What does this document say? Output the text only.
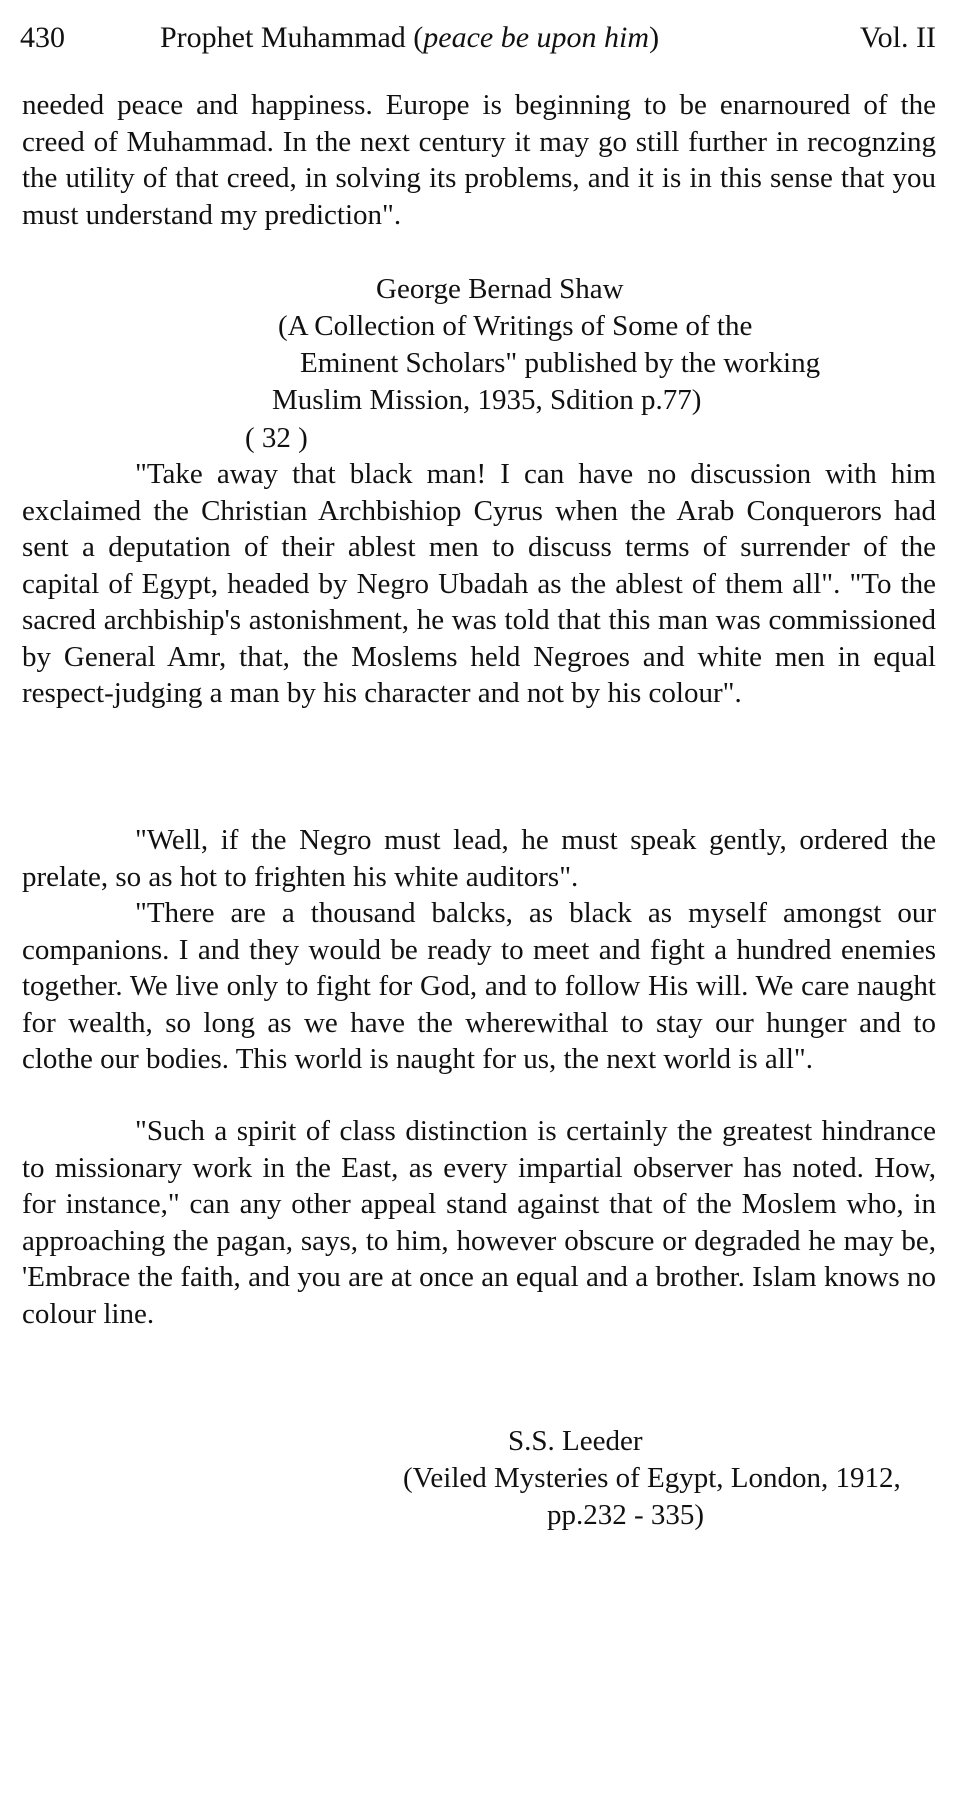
430	Prophet Muhammad (peace be upon him)	Vol. II

needed peace and happiness. Europe is beginning to be enarnoured of the creed of Muhammad. In the next century it may go still further in recognzing the utility of that creed, in solving its problems, and it is in this sense that you must understand my prediction".

George Bernad Shaw
(A Collection of Writings of Some of the
Eminent Scholars" published by the working
Muslim Mission, 1935, Sdition p.77)
( 32 )

"Take away that black man! I can have no discussion with him exclaimed the Christian Archbishiop Cyrus when the Arab Conquerors had sent a deputation of their ablest men to discuss terms of surrender of the capital of Egypt, headed by Negro Ubadah as the ablest of them all". "To the sacred archbiship's astonishment, he was told that this man was commissioned by General Amr, that, the Moslems held Negroes and white men in equal respect-judging a man by his character and not by his colour".

"Well, if the Negro must lead, he must speak gently, ordered the prelate, so as hot to frighten his white auditors".

"There are a thousand balcks, as black as myself amongst our companions. I and they would be ready to meet and fight a hundred enemies together. We live only to fight for God, and to follow His will. We care naught for wealth, so long as we have the wherewithal to stay our hunger and to clothe our bodies. This world is naught for us, the next world is all".

"Such a spirit of class distinction is certainly the greatest hindrance to missionary work in the East, as every impartial observer has noted. How, for instance," can any other appeal stand against that of the Moslem who, in approaching the pagan, says, to him, however obscure or degraded he may be, 'Embrace the faith, and you are at once an equal and a brother. Islam knows no colour line.

S.S. Leeder
(Veiled Mysteries of Egypt, London, 1912,
pp.232 - 335)
